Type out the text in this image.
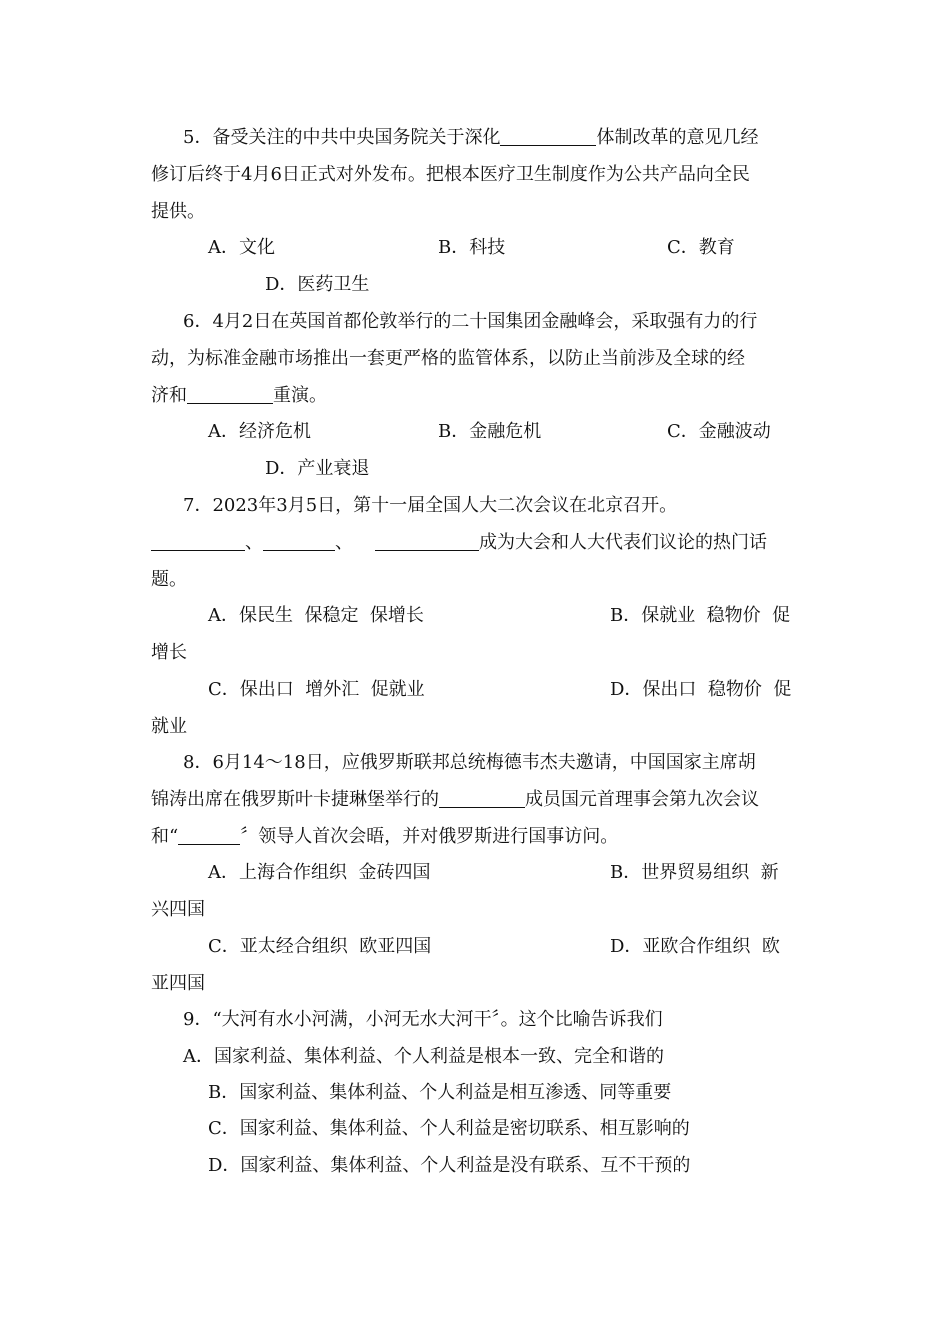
5．备受关注的中共中央国务院关于深化	体制改革的意见几经
修订后终于4月6日正式对外发布。把根本医疗卫生制度作为公共产品向全民
提供。
A．文化	B．科技	C．教育
D．医药卫生
6．4月2日在英国首都伦敦举行的二十国集团金融峰会，采取强有力的行
动，为标准金融市场推出一套更严格的监管体系，以防止当前涉及全球的经
济和	重演。
A．经济危机	B．金融危机	C．金融波动
D．产业衰退
7．2023年3月5日，第十一届全国人大二次会议在北京召开。
、	、	成为大会和人大代表们议论的热门话
题。
A．保民生  保稳定  保增长	B．保就业  稳物价  促
增长
C．保出口  增外汇  促就业	D．保出口  稳物价  促
就业
8．6月14～18日，应俄罗斯联邦总统梅德韦杰夫邀请，中国国家主席胡
锦涛出席在俄罗斯叶卡捷琳堡举行的	成员国元首理事会第九次会议
和“	〞领导人首次会晤，并对俄罗斯进行国事访问。
A．上海合作组织  金砖四国	B．世界贸易组织  新
兴四国
C．亚太经合组织  欧亚四国	D．亚欧合作组织  欧
亚四国
9．“大河有水小河满，小河无水大河干〞。这个比喻告诉我们
A．国家利益、集体利益、个人利益是根本一致、完全和谐的
B．国家利益、集体利益、个人利益是相互渗透、同等重要
C．国家利益、集体利益、个人利益是密切联系、相互影响的
D．国家利益、集体利益、个人利益是没有联系、互不干预的
